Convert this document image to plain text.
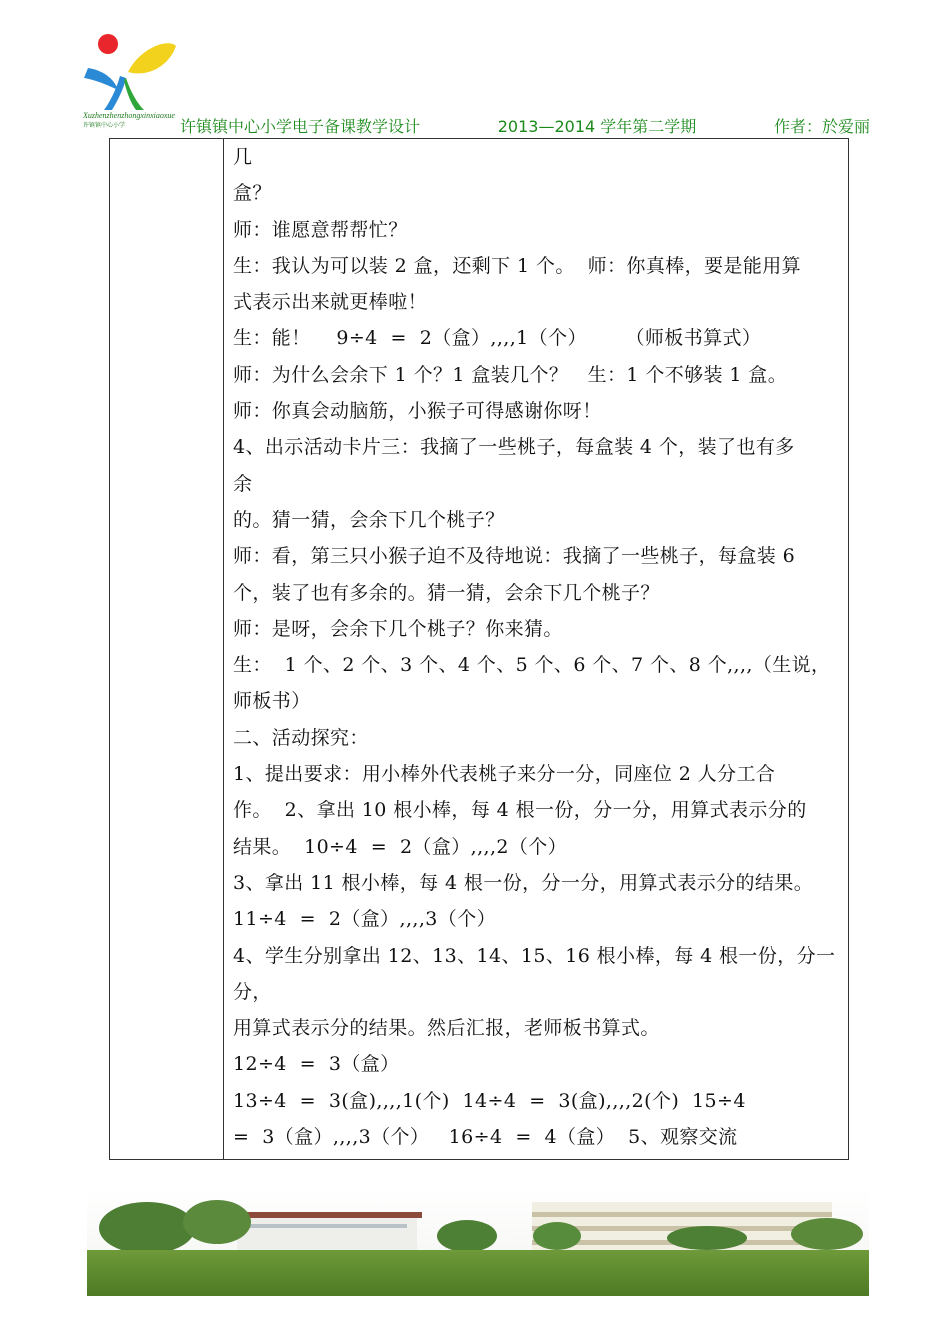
Xuzhenzhenzhongxinxiaoxue
许镇镇中心小学	许镇镇中心小学电子备课教学设计	2013—2014 学年第二学期	作者：於爱丽
几
盒？
师：谁愿意帮帮忙？
生：我认为可以装 2 盒，还剩下 1 个。  师：你真棒，要是能用算
式表示出来就更棒啦！
生：能！    9÷4  =  2（盒）,,,,1（个）      （师板书算式）
师：为什么会余下 1 个？1 盒装几个？   生：1 个不够装 1 盒。
师：你真会动脑筋，小猴子可得感谢你呀！
4、出示活动卡片三：我摘了一些桃子，每盒装 4 个，装了也有多
余
的。猜一猜，会余下几个桃子？
师：看，第三只小猴子迫不及待地说：我摘了一些桃子，每盒装 6
个，装了也有多余的。猜一猜，会余下几个桃子？
师：是呀，会余下几个桃子？你来猜。
生：  1 个、2 个、3 个、4 个、5 个、6 个、7 个、8 个,,,,（生说，
师板书）
二、活动探究：
1、提出要求：用小棒外代表桃子来分一分，同座位 2 人分工合
作。  2、拿出 10 根小棒，每 4 根一份，分一分，用算式表示分的
结果。  10÷4  =  2（盒）,,,,2（个）
3、拿出 11 根小棒，每 4 根一份，分一分，用算式表示分的结果。
11÷4  =  2（盒）,,,,3（个）
4、学生分别拿出 12、13、14、15、16 根小棒，每 4 根一份，分一
分，
用算式表示分的结果。然后汇报，老师板书算式。
12÷4  =  3（盒）
13÷4  =  3(盒),,,,1(个)  14÷4  =  3(盒),,,,2(个)  15÷4
=  3（盒）,,,,3（个）   16÷4  =  4（盒）  5、观察交流
